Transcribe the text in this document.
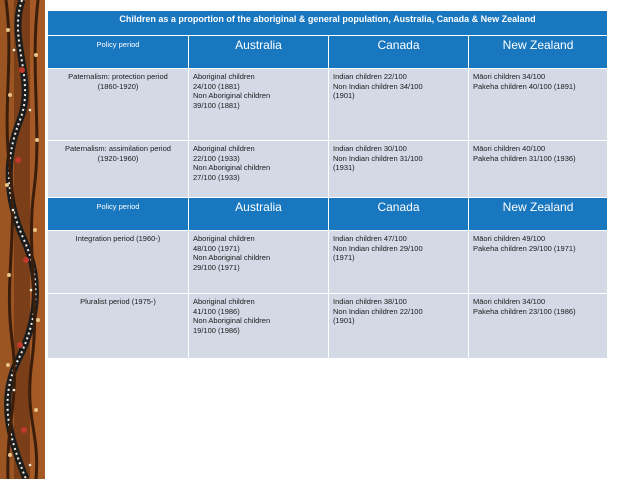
Children as a proportion of the aboriginal & general population, Australia, Canada & New Zealand			
Policy period	Australia	Canada	New Zealand

Paternalism: protection period
(1860-1920)	Aboriginal children
24/100 (1881)
Non Aboriginal children
39/100 (1881)	Indian children 22/100
Non Indian children 34/100
(1901)	Māori children 34/100
Pakeha children 40/100 (1891)

Paternalism: assimilation period
(1920-1960)	Aboriginal children
22/100 (1933)
Non Aboriginal children
27/100 (1933)	Indian children 30/100
Non Indian children 31/100
(1931)	Māori children 40/100
Pakeha children 31/100 (1936)

Policy period	Australia	Canada	New Zealand

Integration period (1960-)	Aboriginal children
48/100 (1971)
Non Aboriginal children
29/100 (1971)	Indian children 47/100
Non Indian children 29/100
(1971)	Māori children 49/100
Pakeha children 29/100 (1971)

Pluralist period (1975-)	Aboriginal children
41/100 (1986)
Non Aboriginal children
19/100 (1986)	Indian children 38/100
Non Indian children 22/100
(1901)	Māori children 34/100
Pakeha children 23/100 (1986)
